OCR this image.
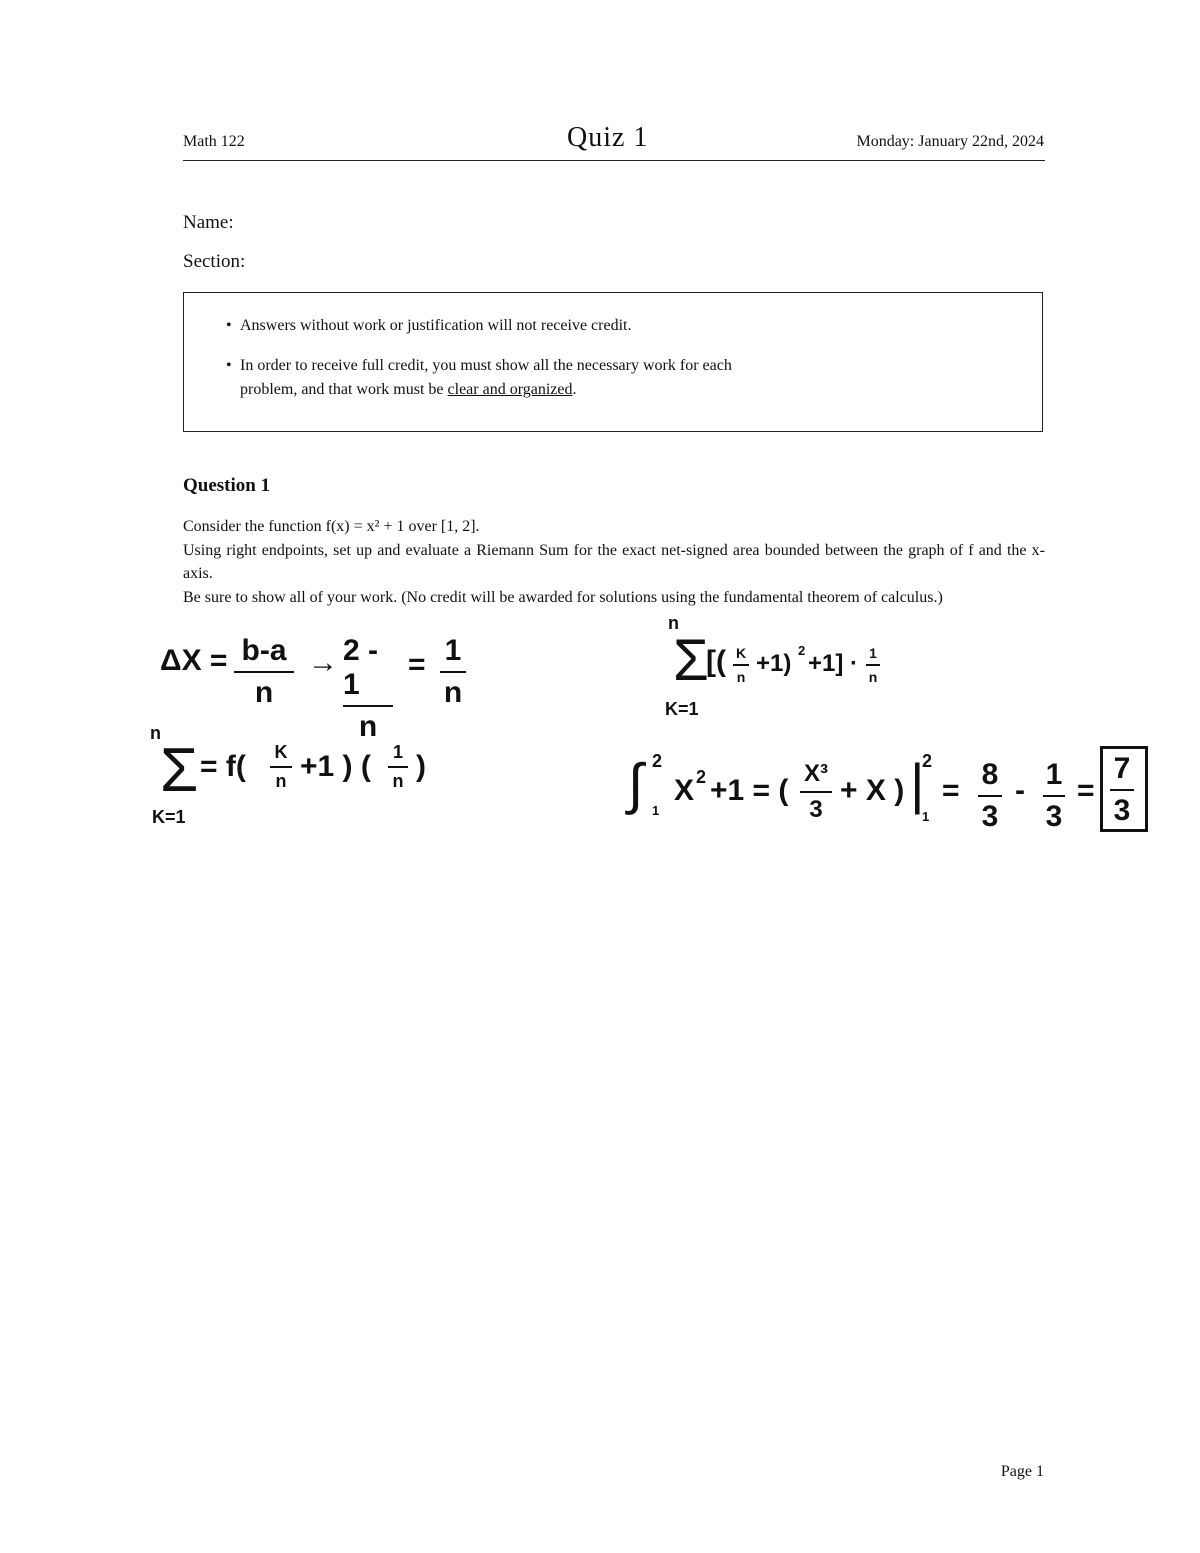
Math 122	Quiz 1	Monday: January 22nd, 2024
Name:
Section:
• Answers without work or justification will not receive credit.
• In order to receive full credit, you must show all the necessary work for each
problem, and that work must be clear and organized.
Question 1
Consider the function f(x) = x² + 1 over [1, 2].
Using right endpoints, set up and evaluate a Riemann Sum for the exact net-signed area bounded between the graph of f and the x-axis.
Be sure to show all of your work. (No credit will be awarded for solutions using the fundamental theorem of calculus.)
ΔX = b-a
n
→ 2 - 1
n
= 1
n
n
Σ
K=1
= f( K
n +1 ) ( 1
n )
n
Σ
K=1
[( K
n +1) 2 +1] · 1
n
∫ 2
1
X 2 +1 = (
X³
3
+ X ) |
2
1
= 8
3
- 1
3
=
7
3
Page 1
